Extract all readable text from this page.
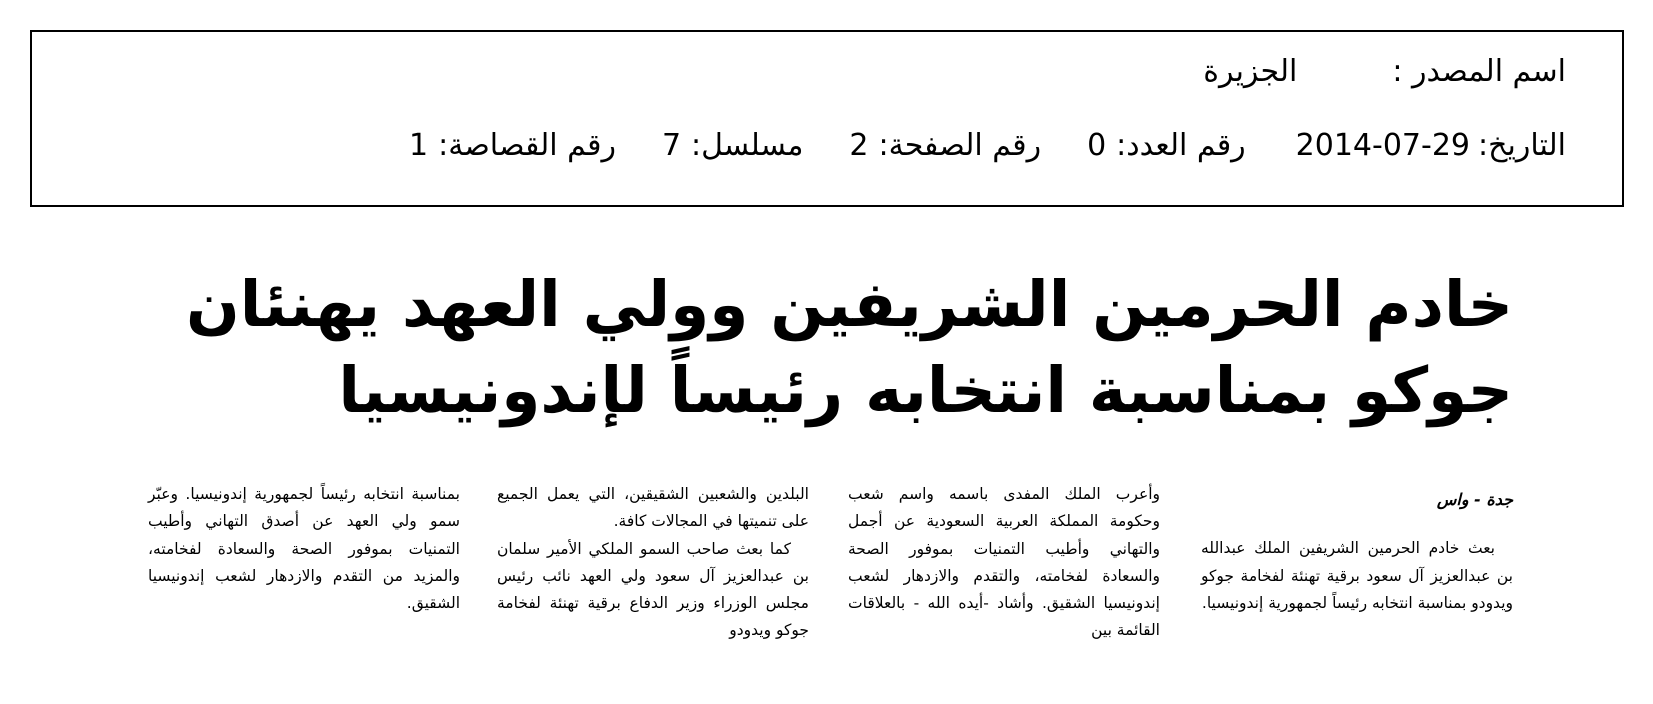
اسم المصدر :
الجزيرة
التاريخ:
2014-07-29
رقم العدد:
0
رقم الصفحة:
2
مسلسل:
7
رقم القصاصة:
1
خادم الحرمين الشريفين وولي العهد يهنئان
جوكو بمناسبة انتخابه رئيساً لإندونيسيا

جدة - واس

بعث خادم الحرمين الشريفين الملك عبدالله بن عبدالعزيز آل سعود برقية تهنئة لفخامة جوكو ويدودو بمناسبة انتخابه رئيساً لجمهورية إندونيسيا.

وأعرب الملك المفدى باسمه واسم شعب وحكومة المملكة العربية السعودية عن أجمل والتهاني وأطيب التمنيات بموفور الصحة والسعادة لفخامته، والتقدم والازدهار لشعب إندونيسيا الشقيق. وأشاد -أيده الله - بالعلاقات القائمة بين

البلدين والشعبين الشقيقين، التي يعمل الجميع على تنميتها في المجالات كافة.

كما بعث صاحب السمو الملكي الأمير سلمان بن عبدالعزيز آل سعود ولي العهد نائب رئيس مجلس الوزراء وزير الدفاع برقية تهنئة لفخامة جوكو ويدودو

بمناسبة انتخابه رئيساً لجمهورية إندونيسيا. وعبّر سمو ولي العهد عن أصدق التهاني وأطيب التمنيات بموفور الصحة والسعادة لفخامته، والمزيد من التقدم والازدهار لشعب إندونيسيا الشقيق.
